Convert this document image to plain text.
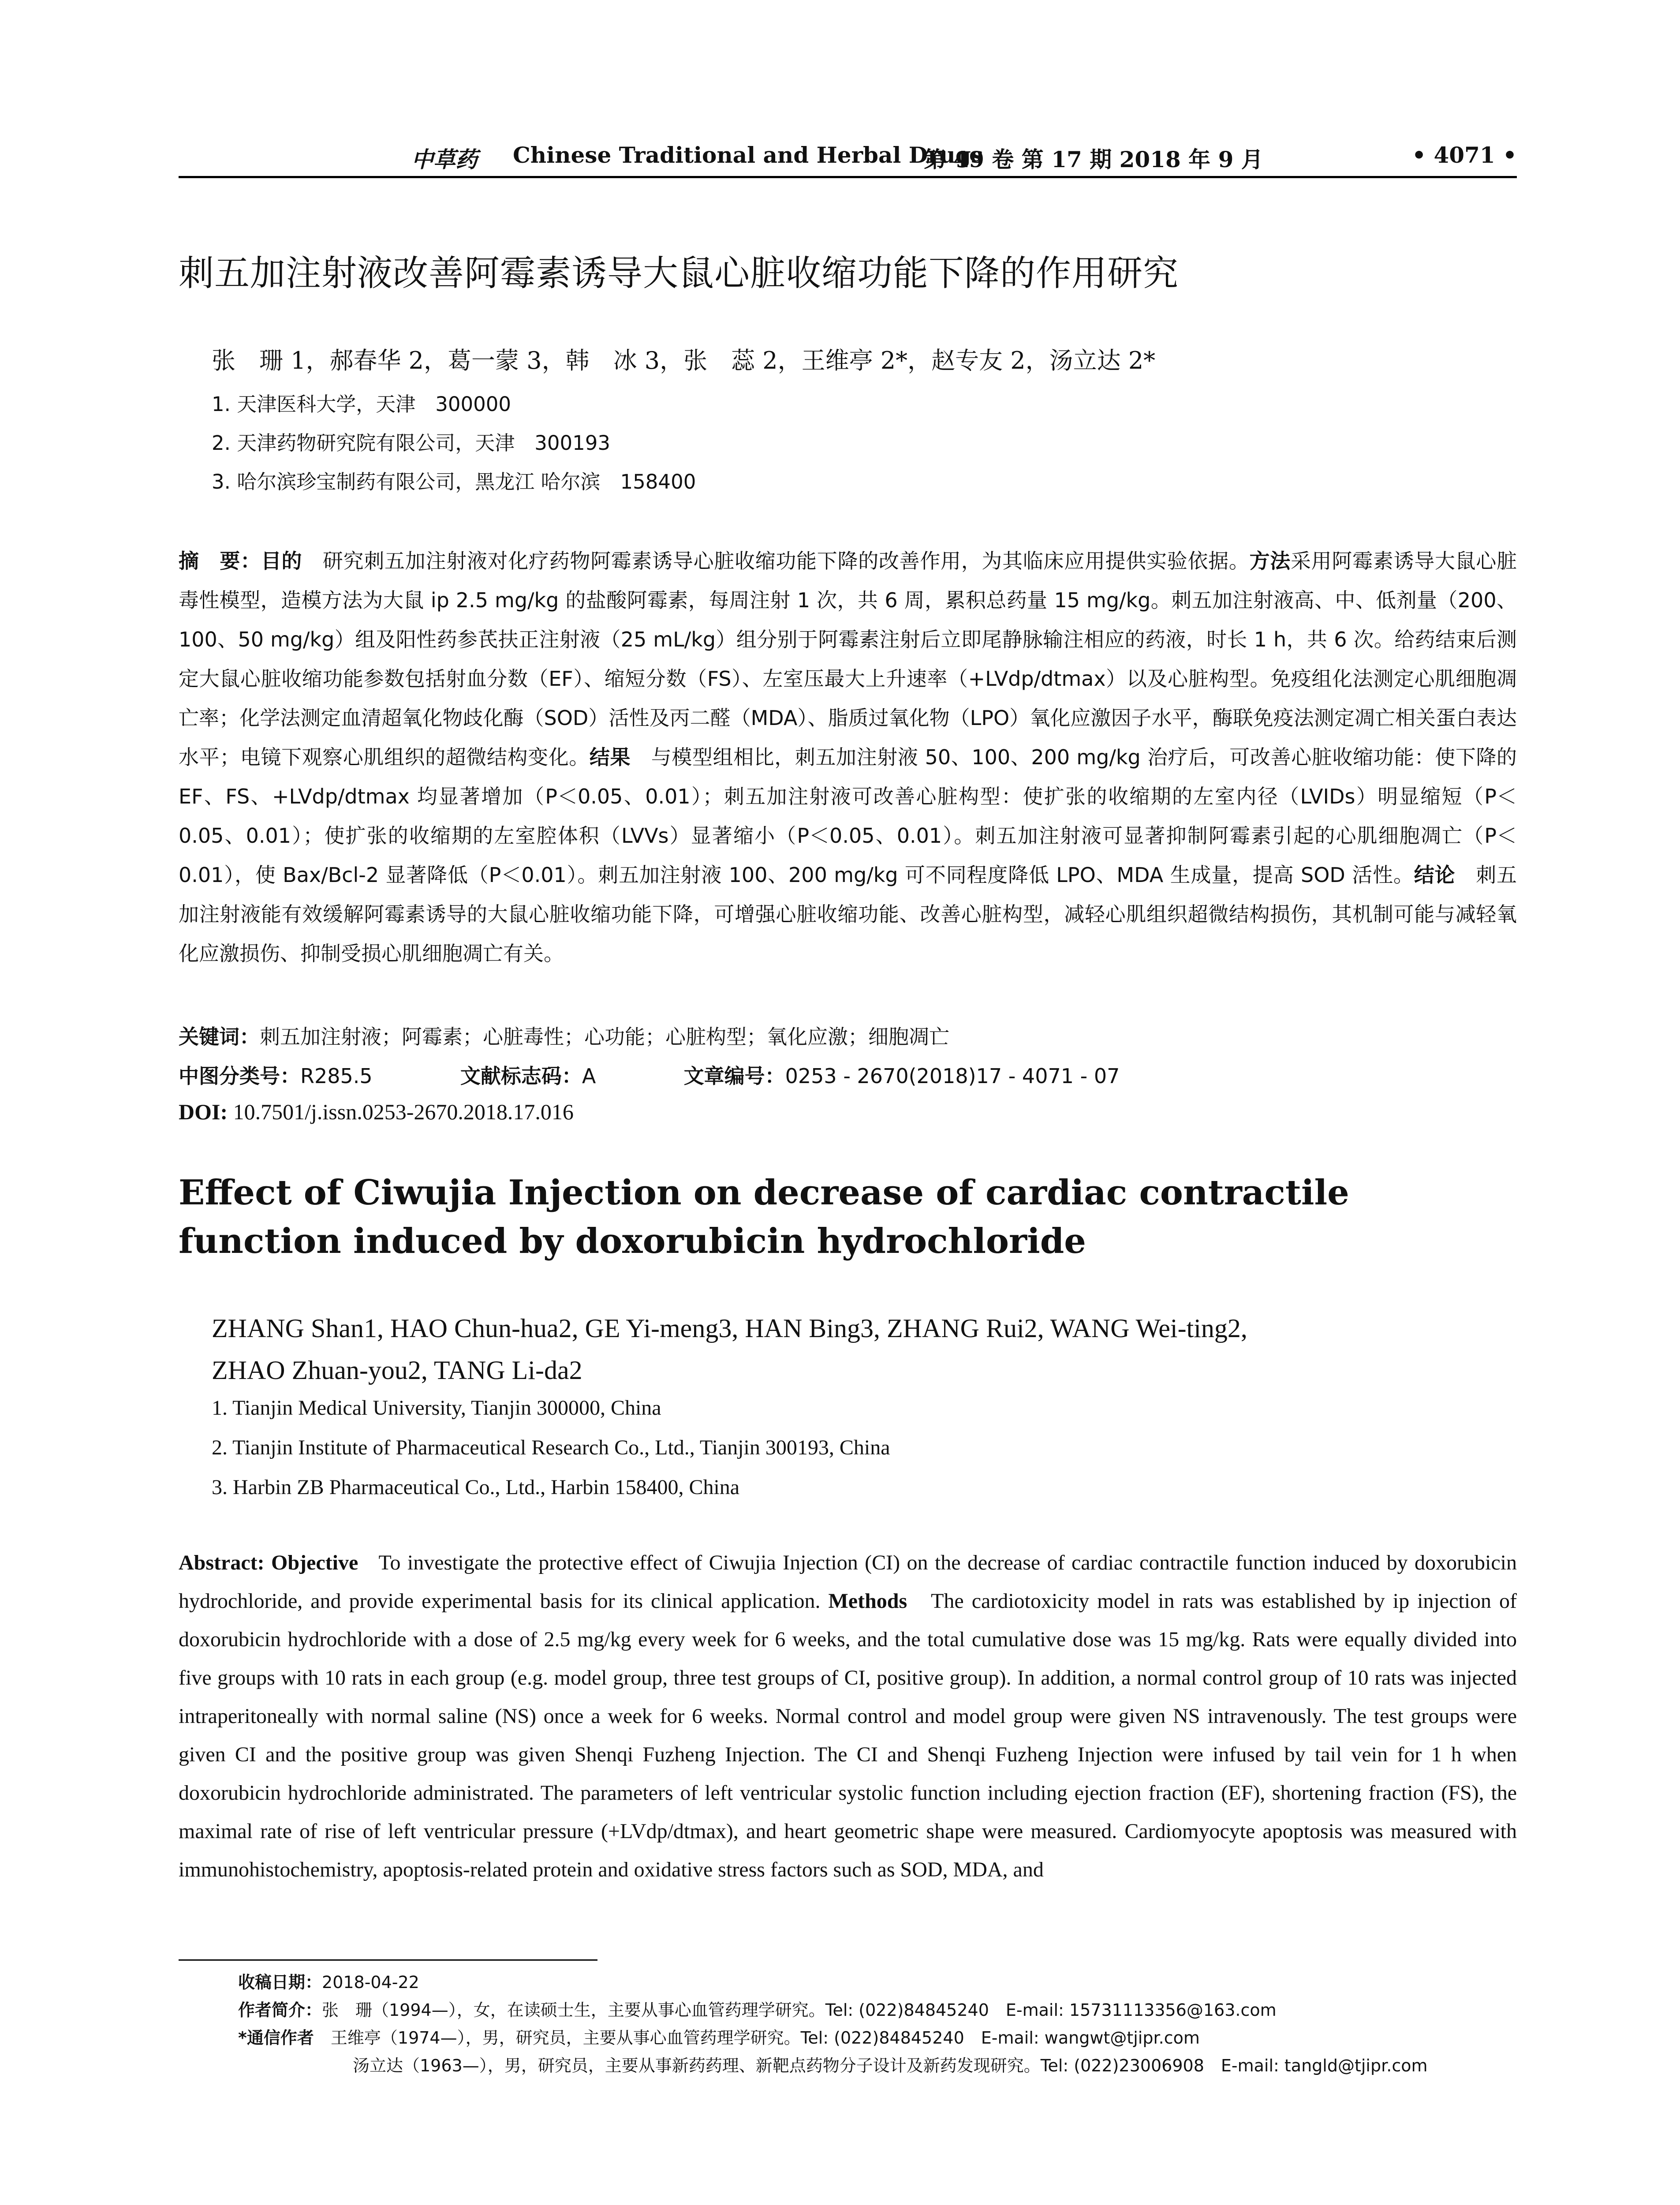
中草药 Chinese Traditional and Herbal Drugs
第 49 卷 第 17 期 2018 年 9 月	• 4071 •
刺五加注射液改善阿霉素诱导大鼠心脏收缩功能下降的作用研究
张　珊 1，郝春华 2，葛一蒙 3，韩　冰 3，张　蕊 2，王维亭 2*，赵专友 2，汤立达 2*
1. 天津医科大学，天津　300000
2. 天津药物研究院有限公司，天津　300193
3. 哈尔滨珍宝制药有限公司，黑龙江 哈尔滨　158400
摘　要：目的　 研究刺五加注射液对化疗药物阿霉素诱导心脏收缩功能下降的改善作用，为其临床应用提供实验依据。方法采用阿霉素诱导大鼠心脏毒性模型，造模方法为大鼠 ip 2.5 mg/kg 的盐酸阿霉素，每周注射 1 次，共 6 周，累积总药量 15 mg/kg。刺五加注射液高、中、低剂量（200、100、50 mg/kg）组及阳性药参芪扶正注射液（25 mL/kg）组分别于阿霉素注射后立即尾静脉输注相应的药液，时长 1 h，共 6 次。给药结束后测定大鼠心脏收缩功能参数包括射血分数（EF）、缩短分数（FS）、左室压最大上升速率（+LVdp/dtmax）以及心脏构型。免疫组化法测定心肌细胞凋亡率；化学法测定血清超氧化物歧化酶（SOD）活性及丙二醛（MDA）、脂质过氧化物（LPO）氧化应激因子水平，酶联免疫法测定凋亡相关蛋白表达水平；电镜下观察心肌组织的超微结构变化。结果　 与模型组相比，刺五加注射液 50、100、200 mg/kg 治疗后，可改善心脏收缩功能：使下降的 EF、FS、+LVdp/dtmax 均显著增加（P＜0.05、0.01）；刺五加注射液可改善心脏构型：使扩张的收缩期的左室内径（LVIDs）明显缩短（P＜0.05、0.01）；使扩张的收缩期的左室腔体积（LVVs）显著缩小（P＜0.05、0.01）。刺五加注射液可显著抑制阿霉素引起的心肌细胞凋亡（P＜0.01），使 Bax/Bcl-2 显著降低（P＜0.01）。刺五加注射液 100、200 mg/kg 可不同程度降低 LPO、MDA 生成量，提高 SOD 活性。结论　 刺五加注射液能有效缓解阿霉素诱导的大鼠心脏收缩功能下降，可增强心脏收缩功能、改善心脏构型，减轻心肌组织超微结构损伤，其机制可能与减轻氧化应激损伤、抑制受损心肌细胞凋亡有关。
关键词：刺五加注射液；阿霉素；心脏毒性；心功能；心脏构型；氧化应激；细胞凋亡
中图分类号：R285.5	文献标志码：A	文章编号：0253 - 2670(2018)17 - 4071 - 07
DOI: 10.7501/j.issn.0253-2670.2018.17.016
Effect of Ciwujia Injection on decrease of cardiac contractile function induced by doxorubicin hydrochloride
ZHANG Shan1, HAO Chun-hua2, GE Yi-meng3, HAN Bing3, ZHANG Rui2, WANG Wei-ting2,
ZHAO Zhuan-you2, TANG Li-da2
1. Tianjin Medical University, Tianjin 300000, China
2. Tianjin Institute of Pharmaceutical Research Co., Ltd., Tianjin 300193, China
3. Harbin ZB Pharmaceutical Co., Ltd., Harbin 158400, China
Abstract: Objective To investigate the protective effect of Ciwujia Injection (CI) on the decrease of cardiac contractile function induced by doxorubicin hydrochloride, and provide experimental basis for its clinical application. Methods The cardiotoxicity model in rats was established by ip injection of doxorubicin hydrochloride with a dose of 2.5 mg/kg every week for 6 weeks, and the total cumulative dose was 15 mg/kg. Rats were equally divided into five groups with 10 rats in each group (e.g. model group, three test groups of CI, positive group). In addition, a normal control group of 10 rats was injected intraperitoneally with normal saline (NS) once a week for 6 weeks. Normal control and model group were given NS intravenously. The test groups were given CI and the positive group was given Shenqi Fuzheng Injection. The CI and Shenqi Fuzheng Injection were infused by tail vein for 1 h when doxorubicin hydrochloride administrated. The parameters of left ventricular systolic function including ejection fraction (EF), shortening fraction (FS), the maximal rate of rise of left ventricular pressure (+LVdp/dtmax), and heart geometric shape were measured. Cardiomyocyte apoptosis was measured with immunohistochemistry, apoptosis-related protein and oxidative stress factors such as SOD, MDA, and
收稿日期：2018-04-22
作者简介：张　珊（1994—），女，在读硕士生，主要从事心血管药理学研究。Tel: (022)84845240　E-mail: 15731113356@163.com
*通信作者　 王维亭（1974—），男，研究员，主要从事心血管药理学研究。Tel: (022)84845240　E-mail: wangwt@tjipr.com
汤立达（1963—），男，研究员，主要从事新药药理、新靶点药物分子设计及新药发现研究。Tel: (022)23006908　E-mail: tangld@tjipr.com
